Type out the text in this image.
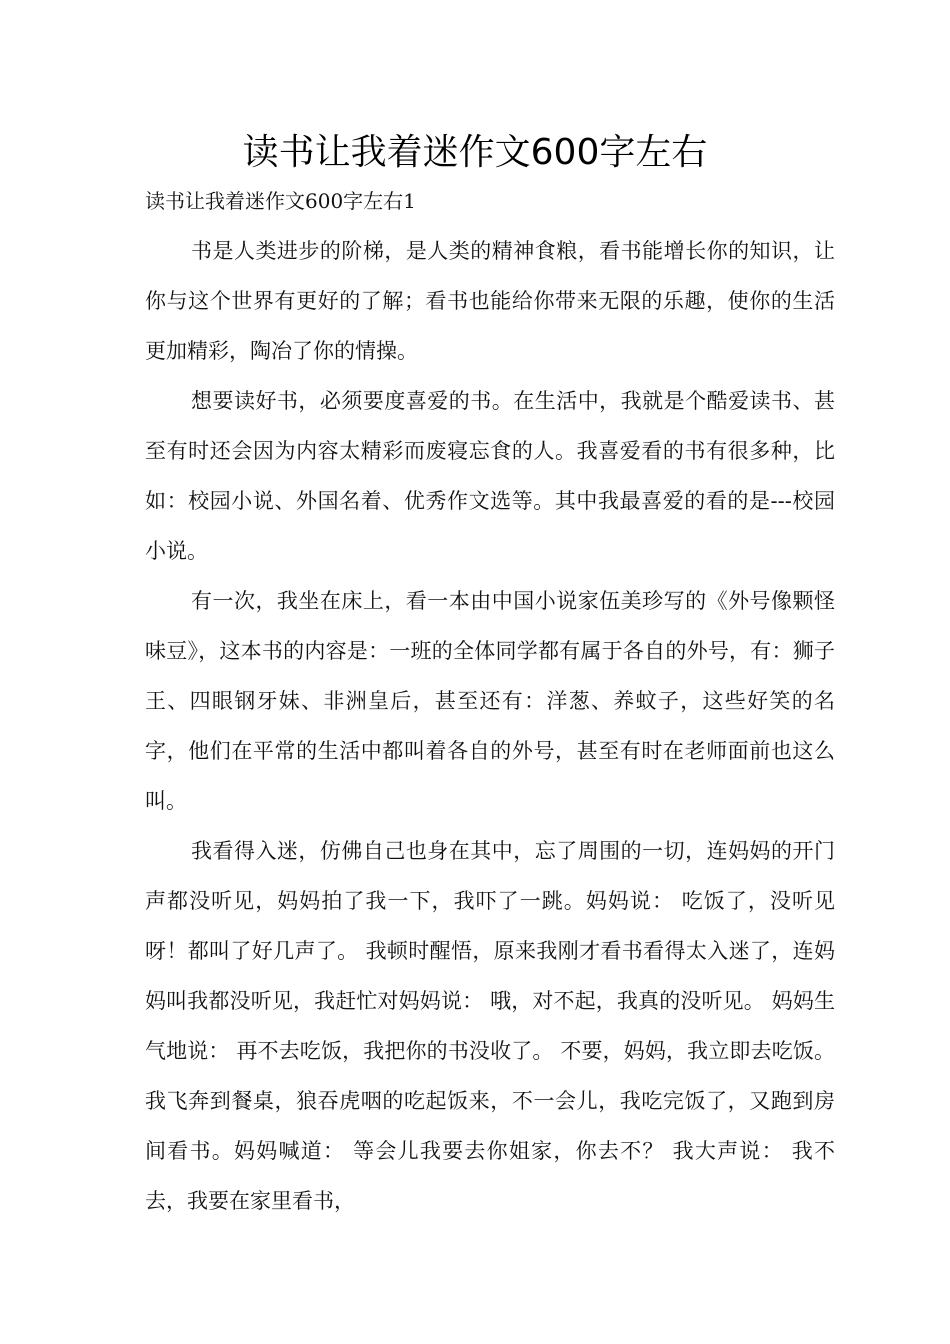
读书让我着迷作文600字左右

读书让我着迷作文600字左右1

书是人类进步的阶梯，是人类的精神食粮，看书能增长你的知识，让你与这个世界有更好的了解；看书也能给你带来无限的乐趣，使你的生活更加精彩，陶冶了你的情操。

想要读好书，必须要度喜爱的书。在生活中，我就是个酷爱读书、甚至有时还会因为内容太精彩而废寝忘食的人。我喜爱看的书有很多种，比如：校园小说、外国名着、优秀作文选等。其中我最喜爱的看的是---校园小说。

有一次，我坐在床上，看一本由中国小说家伍美珍写的《外号像颗怪味豆》，这本书的内容是：一班的全体同学都有属于各自的外号，有：狮子王、四眼钢牙妹、非洲皇后，甚至还有：洋葱、养蚊子，这些好笑的名字，他们在平常的生活中都叫着各自的外号，甚至有时在老师面前也这么叫。

我看得入迷，仿佛自己也身在其中，忘了周围的一切，连妈妈的开门声都没听见，妈妈拍了我一下，我吓了一跳。妈妈说： 吃饭了，没听见呀！都叫了好几声了。 我顿时醒悟，原来我刚才看书看得太入迷了，连妈妈叫我都没听见，我赶忙对妈妈说： 哦，对不起，我真的没听见。 妈妈生气地说： 再不去吃饭，我把你的书没收了。 不要，妈妈，我立即去吃饭。 我飞奔到餐桌，狼吞虎咽的吃起饭来，不一会儿，我吃完饭了，又跑到房间看书。妈妈喊道： 等会儿我要去你姐家，你去不？ 我大声说： 我不去，我要在家里看书，
